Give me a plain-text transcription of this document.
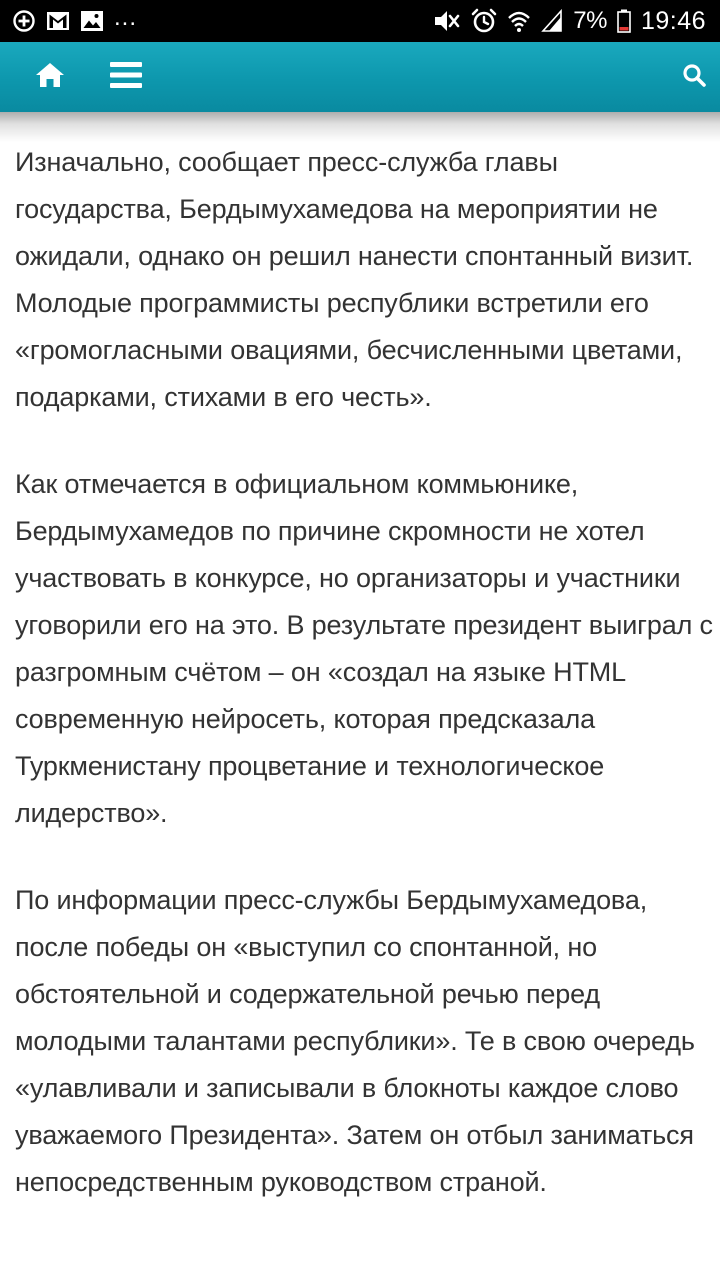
...	7% 19:46

Изначально, сообщает пресс-служба главы государства, Бердымухамедова на мероприятии не ожидали, однако он решил нанести спонтанный визит. Молодые программисты республики встретили его «громогласными овациями, бесчисленными цветами, подарками, стихами в его честь».

Как отмечается в официальном коммьюнике, Бердымухамедов по причине скромности не хотел участвовать в конкурсе, но организаторы и участники уговорили его на это. В результате президент выиграл с разгромным счётом – он «создал на языке HTML современную нейросеть, которая предсказала Туркменистану процветание и технологическое лидерство».

По информации пресс-службы Бердымухамедова, после победы он «выступил со спонтанной, но обстоятельной и содержательной речью перед молодыми талантами республики». Те в свою очередь «улавливали и записывали в блокноты каждое слово уважаемого Президента». Затем он отбыл заниматься непосредственным руководством страной.
